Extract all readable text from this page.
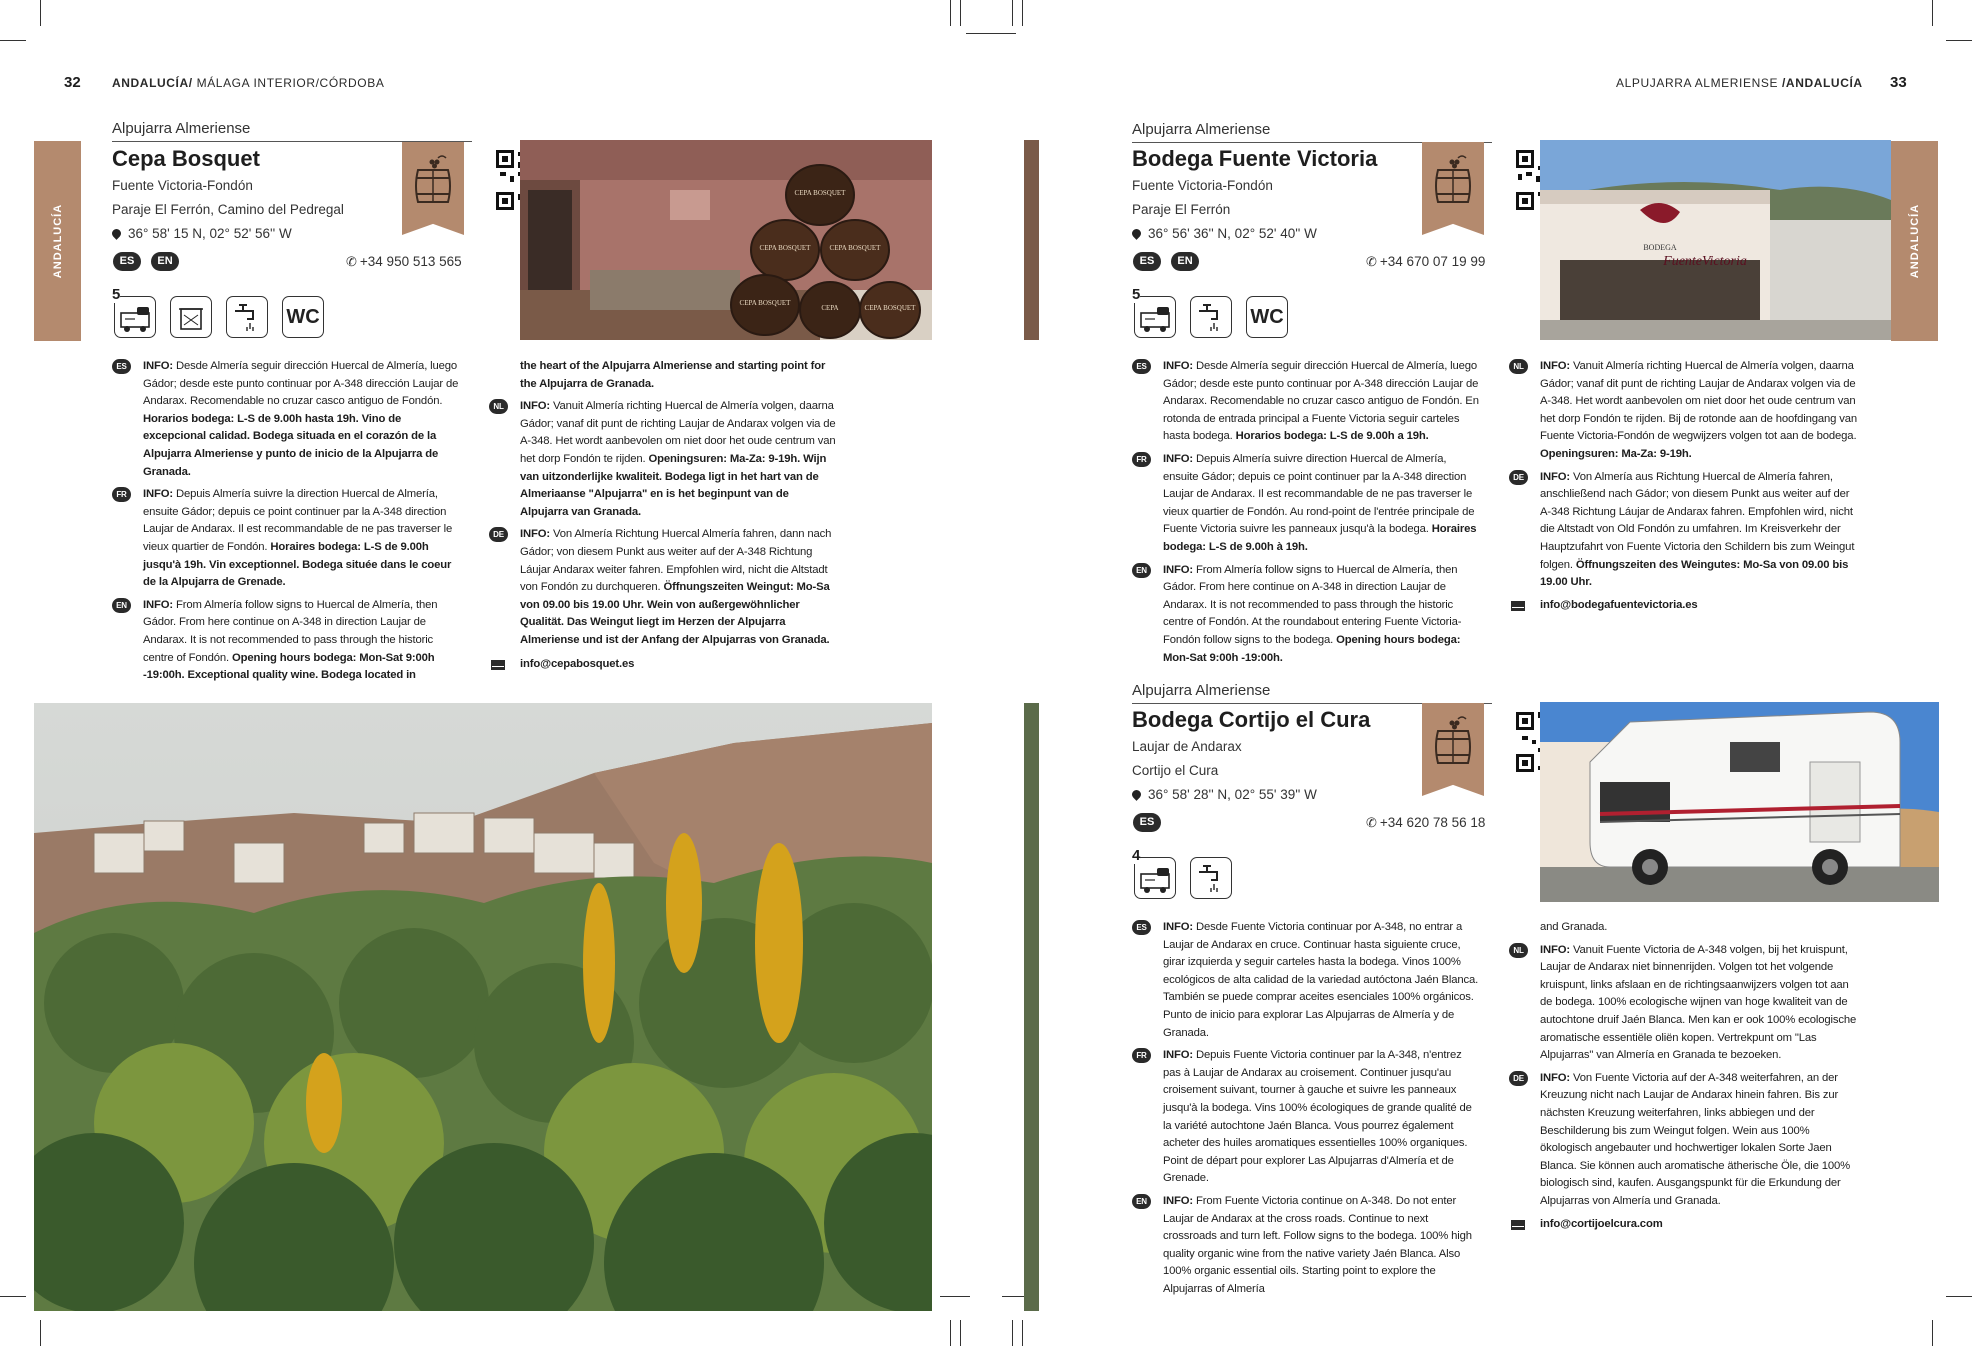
32	ANDALUCÍA/ MÁLAGA INTERIOR/CÓRDOBA
ANDALUCÍA
Alpujarra Almeriense
Cepa Bosquet
Fuente Victoria-Fondón
Paraje El Ferrón, Camino del Pedregal
36° 58' 15 N, 02° 52' 56'' W
ES	EN	✆ +34 950 513 565
5
WC
CEPA BOSQUET
CEPA BOSQUET	CEPA BOSQUET
CEPA BOSQUET
CEPA	CEPA BOSQUET
ES	INFO: Desde Almería seguir dirección Huercal de Almería, luego Gádor; desde este punto continuar por A-348 dirección Laujar de Andarax. Recomendable no cruzar casco antiguo de Fondón. Horarios bodega: L-S de 9.00h hasta 19h. Vino de excepcional calidad. Bodega situada en el corazón de la Alpujarra Almeriense y punto de inicio de la Alpujarra de Granada.
FR	INFO: Depuis Almería suivre la direction Huercal de Almería, ensuite Gádor; depuis ce point continuer par la A-348 direction Laujar de Andarax. Il est recommandable de ne pas traverser le vieux quartier de Fondón. Horaires bodega: L-S de 9.00h jusqu'à 19h. Vin exceptionnel. Bodega située dans le coeur de la Alpujarra de Grenade.
EN	INFO: From Almería follow signs to Huercal de Almería, then Gádor. From here continue on A-348 in direction Laujar de Andarax. It is not recommended to pass through the historic centre of Fondón. Opening hours bodega: Mon-Sat 9:00h -19:00h. Exceptional quality wine. Bodega located in
the heart of the Alpujarra Almeriense and starting point for the Alpujarra de Granada.
NL	INFO: Vanuit Almería richting Huercal de Almería volgen, daarna Gádor; vanaf dit punt de richting Laujar de Andarax volgen via de A-348. Het wordt aanbevolen om niet door het oude centrum van het dorp Fondón te rijden. Openingsuren: Ma-Za: 9-19h. Wijn van uitzonderlijke kwaliteit. Bodega ligt in het hart van de Almeriaanse "Alpujarra" en is het beginpunt van de Alpujarra van Granada.
DE	INFO: Von Almería Richtung Huercal Almería fahren, dann nach Gádor; von diesem Punkt aus weiter auf der A-348 Richtung Láujar Andarax weiter fahren. Empfohlen wird, nicht die Altstadt von Fondón zu durchqueren. Öffnungszeiten Weingut: Mo-Sa von 09.00 bis 19.00 Uhr. Wein von außergewöhnlicher Qualität. Das Weingut liegt im Herzen der Alpujarra Almeriense und ist der Anfang der Alpujarras von Granada.
info@cepabosquet.es
ALPUJARRA ALMERIENSE /ANDALUCÍA 33
ANDALUCÍA
Alpujarra Almeriense
Bodega Fuente Victoria
Fuente Victoria-Fondón
Paraje El Ferrón
36° 56' 36'' N, 02° 52' 40'' W
ES	EN	✆ +34 670 07 19 99
5
WC
BODEGA
FuenteVictoria
ES	INFO: Desde Almería seguir dirección Huercal de Almería, luego Gádor; desde este punto continuar por A-348 dirección Laujar de Andarax. Recomendable no cruzar casco antiguo de Fondón. En rotonda de entrada principal a Fuente Victoria seguir carteles hasta bodega. Horarios bodega: L-S de 9.00h a 19h.
FR	INFO: Depuis Almería suivre direction Huercal de Almería, ensuite Gádor; depuis ce point continuer par la A-348 direction Laujar de Andarax. Il est recommandable de ne pas traverser le vieux quartier de Fondón. Au rond-point de l'entrée principale de Fuente Victoria suivre les panneaux jusqu'à la bodega. Horaires bodega: L-S de 9.00h à 19h.
EN	INFO: From Almería follow signs to Huercal de Almería, then Gádor. From here continue on A-348 in direction Laujar de Andarax. It is not recommended to pass through the historic centre of Fondón. At the roundabout entering Fuente Victoria-Fondón follow signs to the bodega. Opening hours bodega: Mon-Sat 9:00h -19:00h.
NL	INFO: Vanuit Almería richting Huercal de Almería volgen, daarna Gádor; vanaf dit punt de richting Laujar de Andarax volgen via de A-348. Het wordt aanbevolen om niet door het oude centrum van het dorp Fondón te rijden. Bij de rotonde aan de hoofdingang van Fuente Victoria-Fondón de wegwijzers volgen tot aan de bodega. Openingsuren: Ma-Za: 9-19h.
DE	INFO: Von Almería aus Richtung Huercal de Almería fahren, anschließend nach Gádor; von diesem Punkt aus weiter auf der A-348 Richtung Láujar de Andarax fahren. Empfohlen wird, nicht die Altstadt von Old Fondón zu umfahren. Im Kreisverkehr der Hauptzufahrt von Fuente Victoria den Schildern bis zum Weingut folgen. Öffnungszeiten des Weingutes: Mo-Sa von 09.00 bis 19.00 Uhr.
info@bodegafuentevictoria.es
Alpujarra Almeriense
Bodega Cortijo el Cura
Laujar de Andarax
Cortijo el Cura
36° 58' 28'' N, 02° 55' 39'' W
ES	✆ +34 620 78 56 18
4
ES	INFO: Desde Fuente Victoria continuar por A-348, no entrar a Laujar de Andarax en cruce. Continuar hasta siguiente cruce, girar izquierda y seguir carteles hasta la bodega. Vinos 100% ecológicos de alta calidad de la variedad autóctona Jaén Blanca. También se puede comprar aceites esenciales 100% orgánicos. Punto de inicio para explorar Las Alpujarras de Almería y de Granada.
FR	INFO: Depuis Fuente Victoria continuer par la A-348, n'entrez pas à Laujar de Andarax au croisement. Continuer jusqu'au croisement suivant, tourner à gauche et suivre les panneaux jusqu'à la bodega. Vins 100% écologiques de grande qualité de la variété autochtone Jaén Blanca. Vous pourrez également acheter des huiles aromatiques essentielles 100% organiques. Point de départ pour explorer Las Alpujarras d'Almería et de Grenade.
EN	INFO: From Fuente Victoria continue on A-348. Do not enter Laujar de Andarax at the cross roads. Continue to next crossroads and turn left. Follow signs to the bodega. 100% high quality organic wine from the native variety Jaén Blanca. Also 100% organic essential oils. Starting point to explore the Alpujarras of Almería
and Granada.
NL	INFO: Vanuit Fuente Victoria de A-348 volgen, bij het kruispunt, Laujar de Andarax niet binnenrijden. Volgen tot het volgende kruispunt, links afslaan en de richtingsaanwijzers volgen tot aan de bodega. 100% ecologische wijnen van hoge kwaliteit van de autochtone druif Jaén Blanca. Men kan er ook 100% ecologische aromatische essentiële oliën kopen. Vertrekpunt om "Las Alpujarras" van Almería en Granada te bezoeken.
DE	INFO: Von Fuente Victoria auf der A-348 weiterfahren, an der Kreuzung nicht nach Laujar de Andarax hinein fahren. Bis zur nächsten Kreuzung weiterfahren, links abbiegen und der Beschilderung bis zum Weingut folgen. Wein aus 100% ökologisch angebauter und hochwertiger lokalen Sorte Jaen Blanca. Sie können auch aromatische ätherische Öle, die 100% biologisch sind, kaufen. Ausgangspunkt für die Erkundung der Alpujarras von Almería und Granada.
info@cortijoelcura.com
